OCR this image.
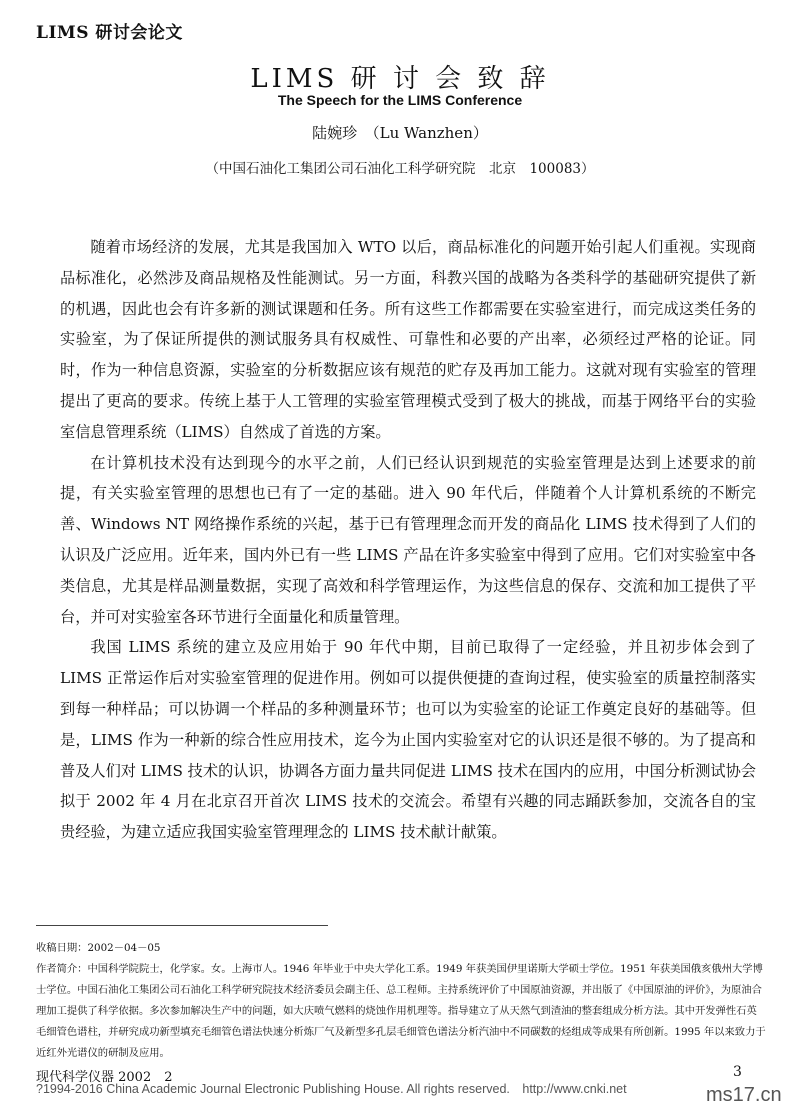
LIMS 研讨会论文
LIMS 研 讨 会 致 辞
The Speech for the LIMS Conference
陆婉珍　（Lu Wanzhen）
（中国石油化工集团公司石油化工科学研究院　北京　100083）

随着市场经济的发展，尤其是我国加入 WTO 以后，商品标准化的问题开始引起人们重视。实现商品标准化，必然涉及商品规格及性能测试。另一方面，科教兴国的战略为各类科学的基础研究提供了新的机遇，因此也会有许多新的测试课题和任务。所有这些工作都需要在实验室进行，而完成这类任务的实验室，为了保证所提供的测试服务具有权威性、可靠性和必要的产出率，必须经过严格的论证。同时，作为一种信息资源，实验室的分析数据应该有规范的贮存及再加工能力。这就对现有实验室的管理提出了更高的要求。传统上基于人工管理的实验室管理模式受到了极大的挑战，而基于网络平台的实验室信息管理系统（LIMS）自然成了首选的方案。

在计算机技术没有达到现今的水平之前，人们已经认识到规范的实验室管理是达到上述要求的前提，有关实验室管理的思想也已有了一定的基础。进入 90 年代后，伴随着个人计算机系统的不断完善、Windows NT 网络操作系统的兴起，基于已有管理理念而开发的商品化 LIMS 技术得到了人们的认识及广泛应用。近年来，国内外已有一些 LIMS 产品在许多实验室中得到了应用。它们对实验室中各类信息，尤其是样品测量数据，实现了高效和科学管理运作，为这些信息的保存、交流和加工提供了平台，并可对实验室各环节进行全面量化和质量管理。

我国 LIMS 系统的建立及应用始于 90 年代中期，目前已取得了一定经验，并且初步体会到了 LIMS 正常运作后对实验室管理的促进作用。例如可以提供便捷的查询过程，使实验室的质量控制落实到每一种样品；可以协调一个样品的多种测量环节；也可以为实验室的论证工作奠定良好的基础等。但是，LIMS 作为一种新的综合性应用技术，迄今为止国内实验室对它的认识还是很不够的。为了提高和普及人们对 LIMS 技术的认识，协调各方面力量共同促进 LIMS 技术在国内的应用，中国分析测试协会拟于 2002 年 4 月在北京召开首次 LIMS 技术的交流会。希望有兴趣的同志踊跃参加，交流各自的宝贵经验，为建立适应我国实验室管理理念的 LIMS 技术献计献策。

收稿日期：2002－04－05

作者简介：中国科学院院士，化学家。女。上海市人。1946 年毕业于中央大学化工系。1949 年获美国伊里诺斯大学硕士学位。1951 年获美国俄亥俄州大学博士学位。中国石油化工集团公司石油化工科学研究院技术经济委员会副主任、总工程师。主持系统评价了中国原油资源，并出版了《中国原油的评价》，为原油合理加工提供了科学依据。多次参加解决生产中的问题，如大庆喷气燃料的烧蚀作用机理等。指导建立了从天然气到渣油的整套组成分析方法。其中开发弹性石英毛细管色谱柱，并研究成功新型填充毛细管色谱法快速分析炼厂气及新型多孔层毛细管色谱法分析汽油中不同碳数的烃组成等成果有所创新。1995 年以来致力于近红外光谱仪的研制及应用。

现代科学仪器 2002　2	3
?1994-2016 China Academic Journal Electronic Publishing House. All rights reserved.　http://www.cnki.net	ms17.cn
